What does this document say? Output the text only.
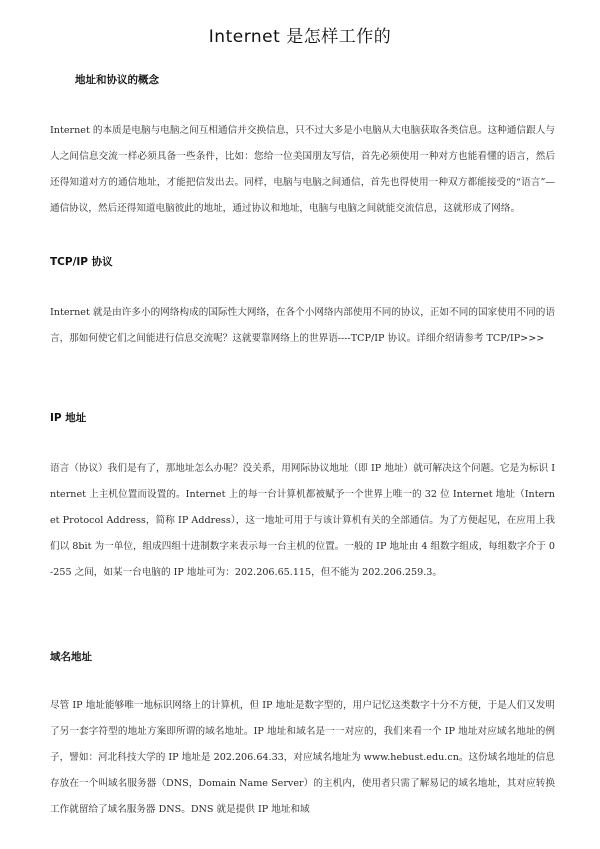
Internet 是怎样工作的
地址和协议的概念
Internet 的本质是电脑与电脑之间互相通信并交换信息，只不过大多是小电脑从大电脑获取各类信息。这种通信跟人与人之间信息交流一样必须具备一些条件，比如：您给一位美国朋友写信，首先必须使用一种对方也能看懂的语言，然后还得知道对方的通信地址，才能把信发出去。同样，电脑与电脑之间通信，首先也得使用一种双方都能接受的“语言”—通信协议，然后还得知道电脑彼此的地址，通过协议和地址，电脑与电脑之间就能交流信息，这就形成了网络。
TCP/IP 协议
Internet 就是由许多小的网络构成的国际性大网络，在各个小网络内部使用不同的协议，正如不同的国家使用不同的语言，那如何使它们之间能进行信息交流呢？这就要靠网络上的世界语----TCP/IP 协议。详细介绍请参考 TCP/IP>>>
IP 地址
语言（协议）我们是有了，那地址怎么办呢？没关系，用网际协议地址（即 IP 地址）就可解决这个问题。它是为标识 Internet 上主机位置而设置的。Internet 上的每一台计算机都被赋予一个世界上唯一的 32 位 Internet 地址（Internet Protocol Address，简称 IP Address），这一地址可用于与该计算机有关的全部通信。为了方便起见，在应用上我们以 8bit 为一单位，组成四组十进制数字来表示每一台主机的位置。一般的 IP 地址由 4 组数字组成，每组数字介于 0-255 之间，如某一台电脑的 IP 地址可为：202.206.65.115，但不能为 202.206.259.3。
域名地址
尽管 IP 地址能够唯一地标识网络上的计算机，但 IP 地址是数字型的，用户记忆这类数字十分不方便，于是人们又发明了另一套字符型的地址方案即所谓的域名地址。IP 地址和域名是一一对应的，我们来看一个 IP 地址对应域名地址的例子，譬如：河北科技大学的 IP 地址是 202.206.64.33，对应域名地址为 www.hebust.edu.cn。这份域名地址的信息存放在一个叫域名服务器（DNS，Domain Name Server）的主机内，使用者只需了解易记的域名地址，其对应转换工作就留给了域名服务器 DNS。DNS 就是提供 IP 地址和域
